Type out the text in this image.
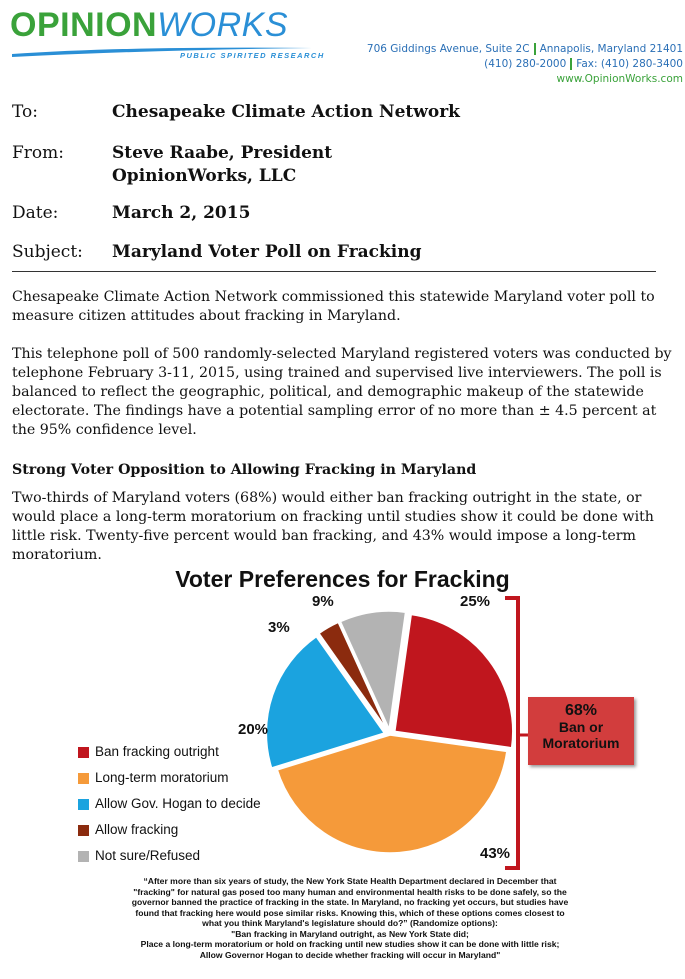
OPINIONWORKS
PUBLIC SPIRITED RESEARCH
706 Giddings Avenue, Suite 2C Annapolis, Maryland 21401
(410) 280-2000 Fax: (410) 280-3400
www.OpinionWorks.com
To:	Chesapeake Climate Action Network
From:	Steve Raabe, President
OpinionWorks, LLC
Date:	March 2, 2015
Subject: Maryland Voter Poll on Fracking
Chesapeake Climate Action Network commissioned this statewide Maryland voter poll to measure citizen attitudes about fracking in Maryland.
This telephone poll of 500 randomly-selected Maryland registered voters was conducted by telephone February 3-11, 2015, using trained and supervised live interviewers. The poll is balanced to reflect the geographic, political, and demographic makeup of the statewide electorate. The findings have a potential sampling error of no more than ± 4.5 percent at the 95% confidence level.
Strong Voter Opposition to Allowing Fracking in Maryland
Two-thirds of Maryland voters (68%) would either ban fracking outright in the state, or would place a long-term moratorium on fracking until studies show it could be done with little risk. Twenty-five percent would ban fracking, and 43% would impose a long-term moratorium.
Voter Preferences for Fracking
25%
43%
20%
3%
9%
Ban fracking outright
Long-term moratorium
Allow Gov. Hogan to decide
Allow fracking
Not sure/Refused
68%
Ban or
Moratorium
“After more than six years of study, the New York State Health Department declared in December that
"fracking" for natural gas posed too many human and environmental health risks to be done safely, so the
governor banned the practice of fracking in the state. In Maryland, no fracking yet occurs, but studies have
found that fracking here would pose similar risks. Knowing this, which of these options comes closest to
what you think Maryland's legislature should do?” (Randomize options):
"Ban fracking in Maryland outright, as New York State did;
Place a long-term moratorium or hold on fracking until new studies show it can be done with little risk;
Allow Governor Hogan to decide whether fracking will occur in Maryland"
